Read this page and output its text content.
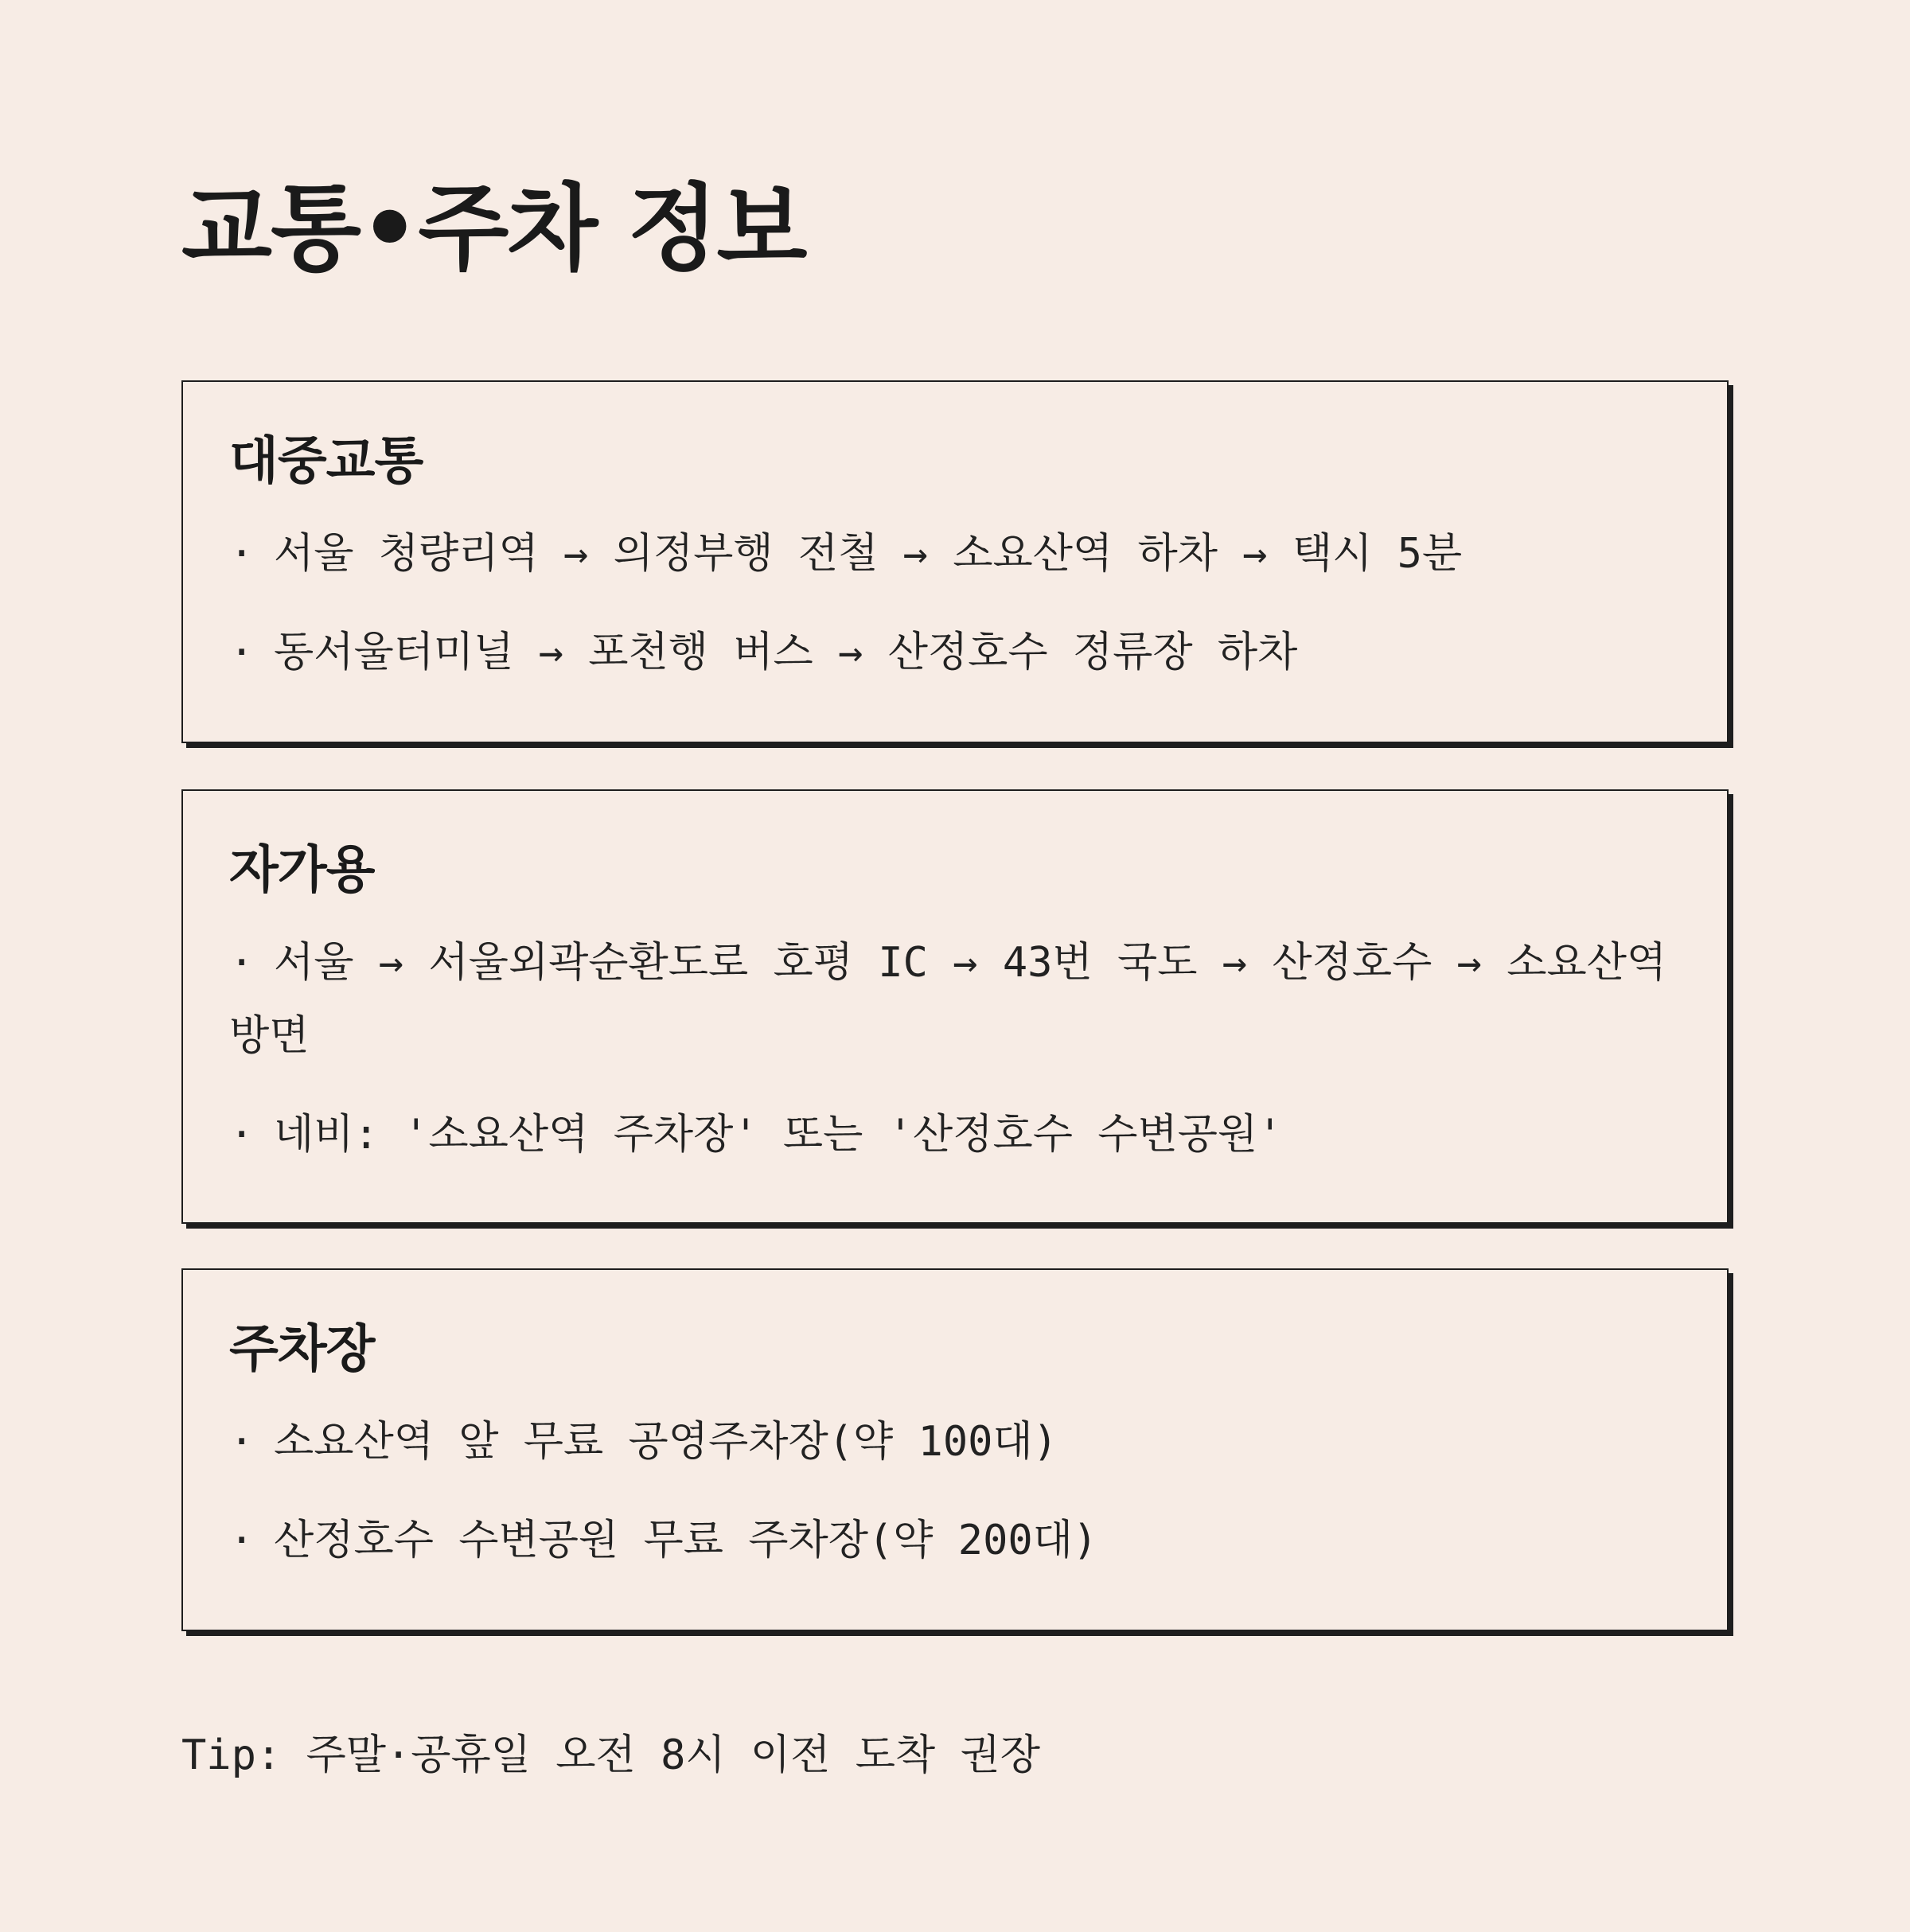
교통•주차 정보
대중교통
· 서울 청량리역 → 의정부행 전철 → 소요산역 하차 → 택시 5분
· 동서울터미널 → 포천행 버스 → 산정호수 정류장 하차
자가용
· 서울 → 서울외곽순환도로 호평 IC → 43번 국도 → 산정호수 → 소요산역 방면
· 네비: '소요산역 주차장' 또는 '산정호수 수변공원'
주차장
· 소요산역 앞 무료 공영주차장(약 100대)
· 산정호수 수변공원 무료 주차장(약 200대)

Tip: 주말·공휴일 오전 8시 이전 도착 권장
